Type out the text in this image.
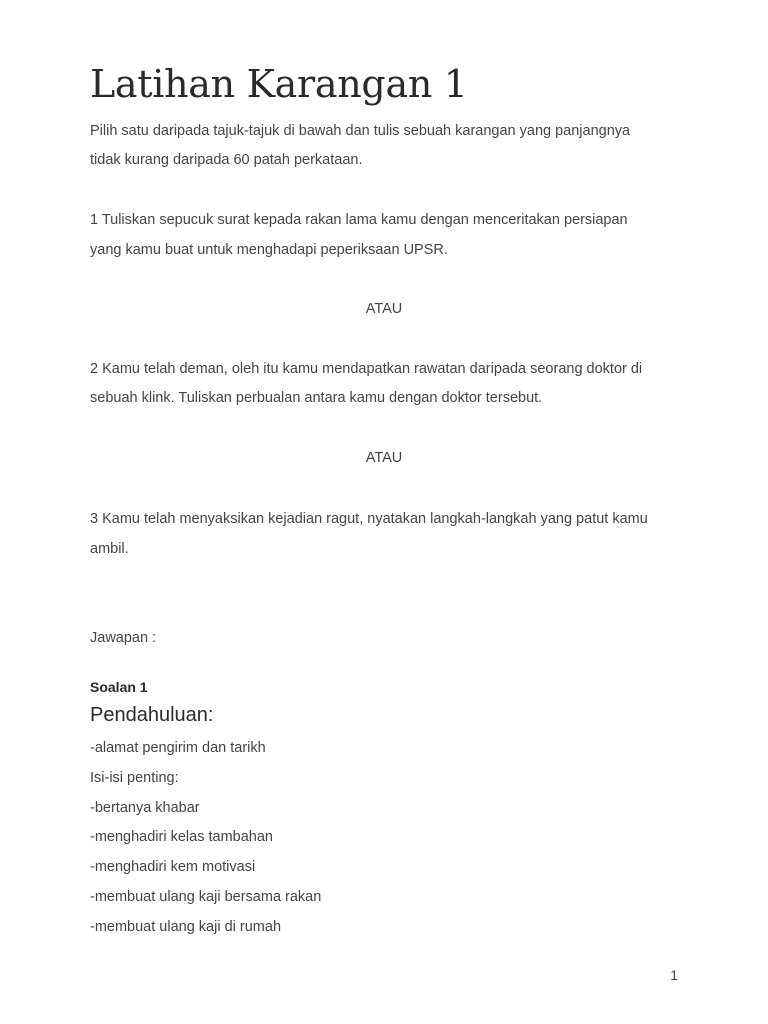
Latihan Karangan 1
Pilih satu daripada tajuk-tajuk di bawah dan tulis sebuah karangan yang panjangnya
tidak kurang daripada 60 patah perkataan.
1 Tuliskan sepucuk surat kepada rakan lama kamu dengan menceritakan persiapan
yang kamu buat untuk menghadapi peperiksaan UPSR.
ATAU
2 Kamu telah deman, oleh itu kamu mendapatkan rawatan daripada seorang doktor di
sebuah klink. Tuliskan perbualan antara kamu dengan doktor tersebut.
ATAU
3 Kamu telah menyaksikan kejadian ragut, nyatakan langkah-langkah yang patut kamu
ambil.
Jawapan :
Soalan 1
Pendahuluan:
-alamat pengirim dan tarikh
Isi-isi penting:
-bertanya khabar
-menghadiri kelas tambahan
-menghadiri kem motivasi
-membuat ulang kaji bersama rakan
-membuat ulang kaji di rumah
1
